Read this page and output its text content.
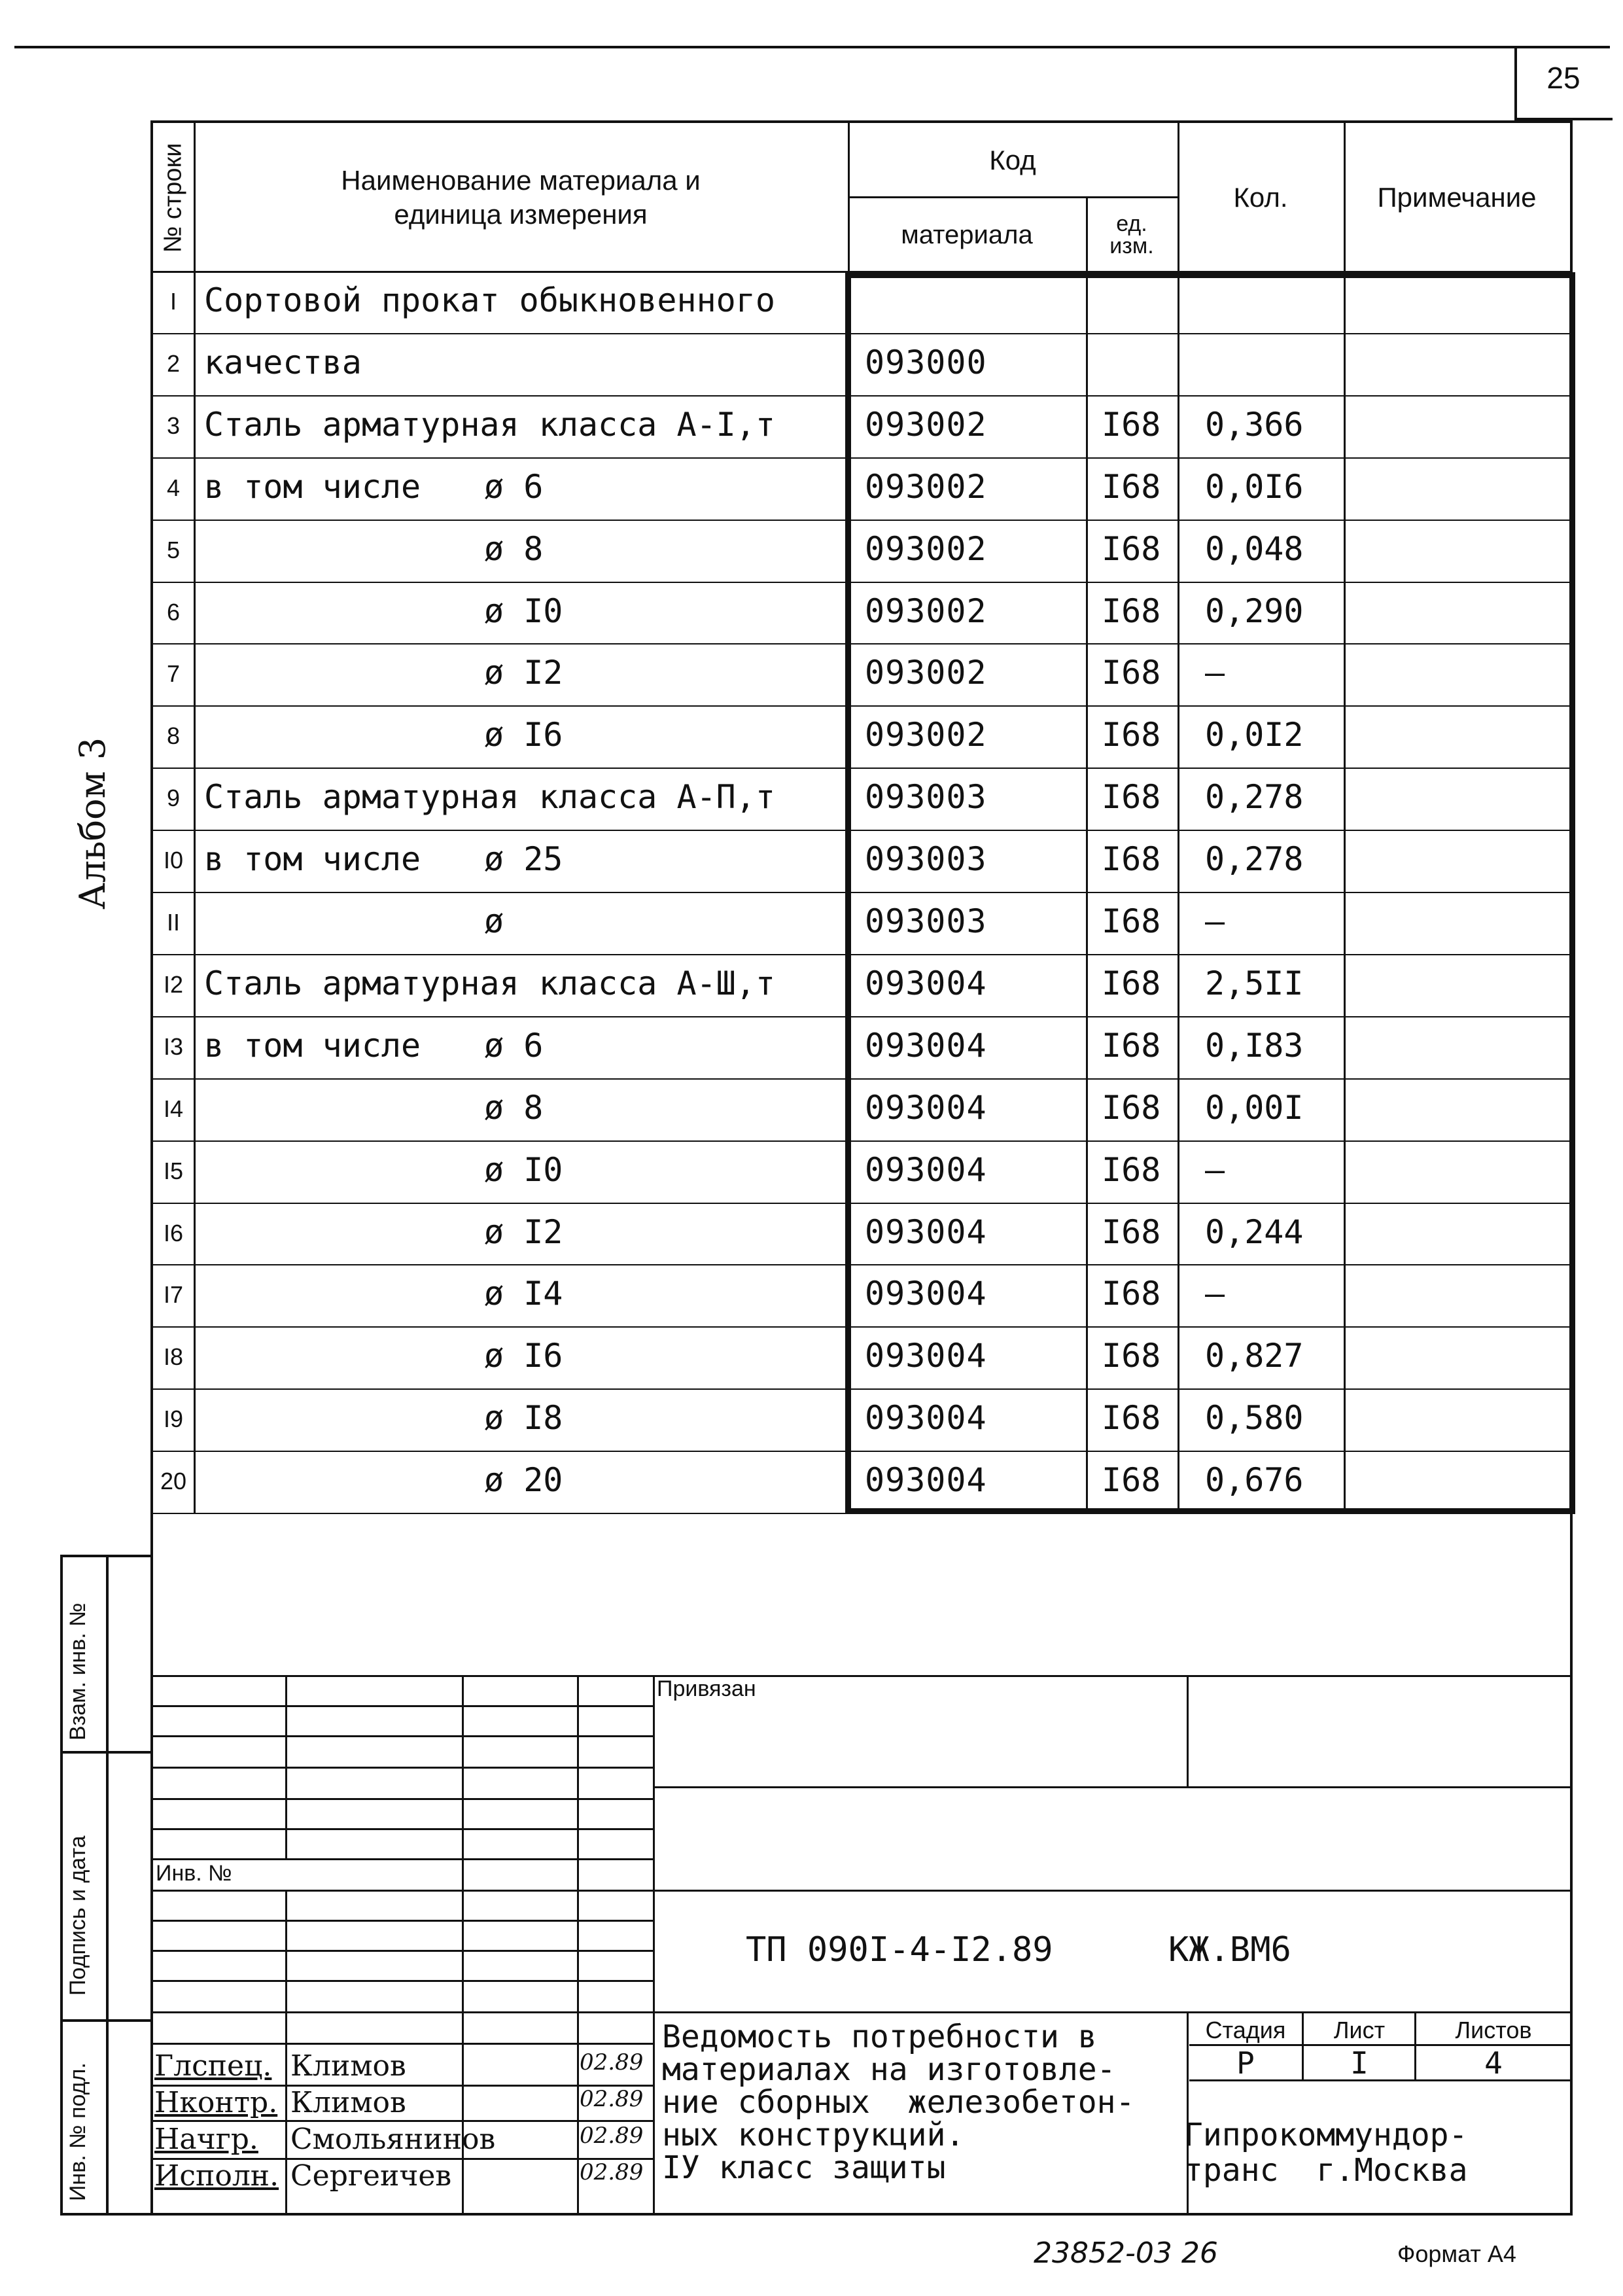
25
Альбом 3
№ строки	Наименование материала и
единица измерения
Код
материала	ед.
изм.
Кол.	Примечание
I Сортовой прокат обыкновенного
2 качества	093000
3 Сталь арматурная класса А-I,т	093002	I68	0,366
4 в том числе	ø 6	093002	I68	0,0I6
5	ø 8	093002	I68	0,048
6	ø I0	093002	I68	0,290
7	ø I2	093002	I68	–
8	ø I6	093002	I68	0,0I2
9 Сталь арматурная класса А-П,т	093003	I68	0,278
I0 в том числе	ø 25	093003	I68	0,278
II	ø	093003	I68	–
I2 Сталь арматурная класса А-Ш,т	093004	I68	2,5II
I3 в том числе	ø 6	093004	I68	0,I83
I4	ø 8	093004	I68	0,00I
I5	ø I0	093004	I68	–
I6	ø I2	093004	I68	0,244
I7	ø I4	093004	I68	–
I8	ø I6	093004	I68	0,827
I9	ø I8	093004	I68	0,580
20	ø 20	093004	I68	0,676
Взам. инв. №
Подпись и дата
Инв. № подл.
Привязан
Инв. №
ТП 090I-4-I2.89	КЖ.ВМ6
Ведомость потребности в
материалах на изготовле-
ние сборных  железобетон-
ных конструкций.
IУ класс защиты
Гипрокоммундор-
транс  г.Москва
Стадия	Лист	Листов
Р	I	4
Глспец. Климов	02.89
Нконтр. Климов	02.89
Начгр. Смольянинов	02.89
Исполн. Сергеичев	02.89
23852-03 26	Формат А4
